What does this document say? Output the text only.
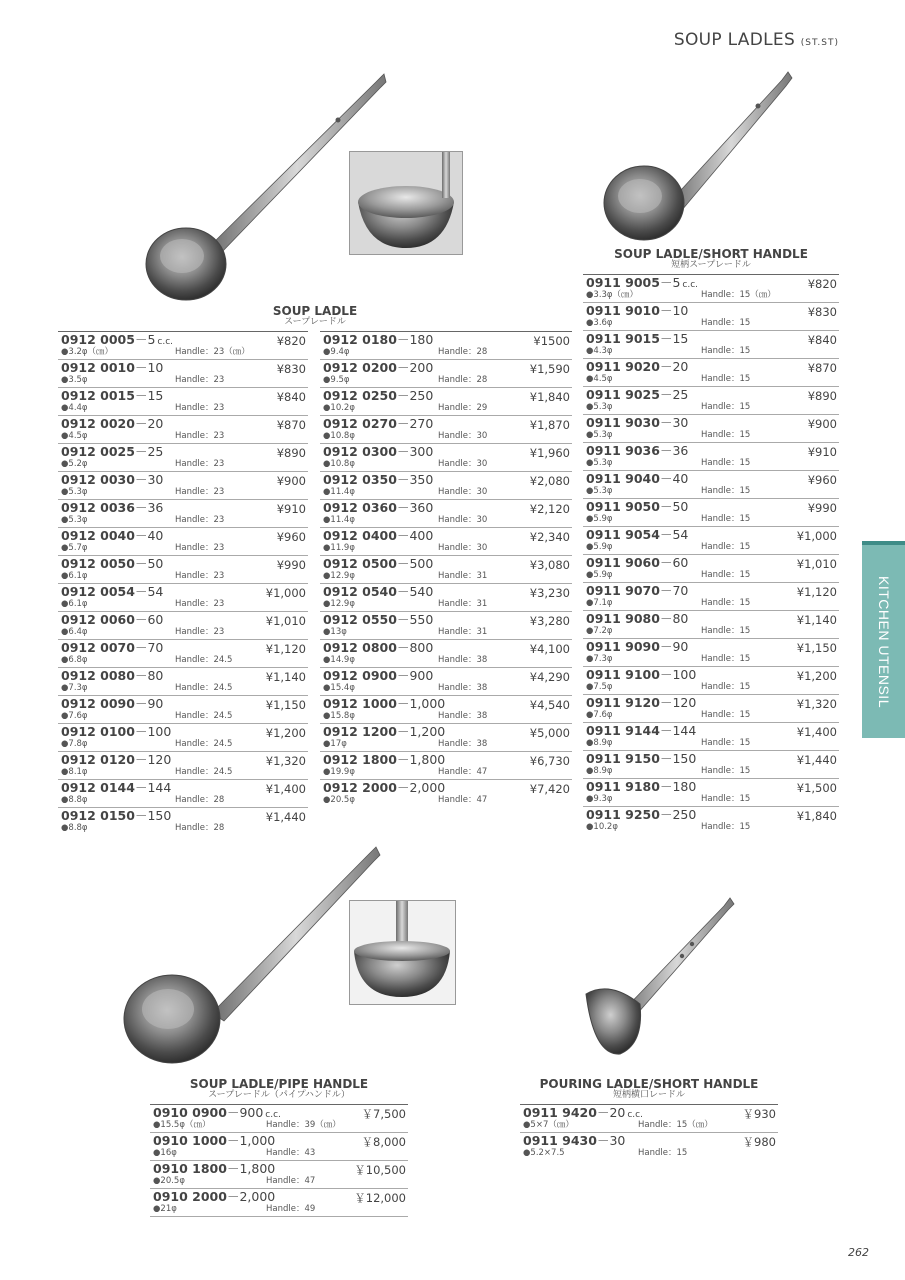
SOUP LADLES (ST.ST)
SOUP LADLE
スープレードル
0912 0005－5 c.c.	¥820
●3.2φ（㎝）	Handle：23（㎝）
0912 0010－10	¥830
●3.5φ	Handle：23
0912 0015－15	¥840
●4.4φ	Handle：23
0912 0020－20	¥870
●4.5φ	Handle：23
0912 0025－25	¥890
●5.2φ	Handle：23
0912 0030－30	¥900
●5.3φ	Handle：23
0912 0036－36	¥910
●5.3φ	Handle：23
0912 0040－40	¥960
●5.7φ	Handle：23
0912 0050－50	¥990
●6.1φ	Handle：23
0912 0054－54	¥1,000
●6.1φ	Handle：23
0912 0060－60	¥1,010
●6.4φ	Handle：23
0912 0070－70	¥1,120
●6.8φ	Handle：24.5
0912 0080－80	¥1,140
●7.3φ	Handle：24.5
0912 0090－90	¥1,150
●7.6φ	Handle：24.5
0912 0100－100	¥1,200
●7.8φ	Handle：24.5
0912 0120－120	¥1,320
●8.1φ	Handle：24.5
0912 0144－144	¥1,400
●8.8φ	Handle：28
0912 0150－150	¥1,440
●8.8φ	Handle：28
0912 0180－180	¥1500
●9.4φ	Handle：28
0912 0200－200	¥1,590
●9.5φ	Handle：28
0912 0250－250	¥1,840
●10.2φ	Handle：29
0912 0270－270	¥1,870
●10.8φ	Handle：30
0912 0300－300	¥1,960
●10.8φ	Handle：30
0912 0350－350	¥2,080
●11.4φ	Handle：30
0912 0360－360	¥2,120
●11.4φ	Handle：30
0912 0400－400	¥2,340
●11.9φ	Handle：30
0912 0500－500	¥3,080
●12.9φ	Handle：31
0912 0540－540	¥3,230
●12.9φ	Handle：31
0912 0550－550	¥3,280
●13φ	Handle：31
0912 0800－800	¥4,100
●14.9φ	Handle：38
0912 0900－900	¥4,290
●15.4φ	Handle：38
0912 1000－1,000	¥4,540
●15.8φ	Handle：38
0912 1200－1,200	¥5,000
●17φ	Handle：38
0912 1800－1,800	¥6,730
●19.9φ	Handle：47
0912 2000－2,000	¥7,420
●20.5φ	Handle：47
SOUP LADLE/SHORT HANDLE
短柄スープレードル
0911 9005－5 c.c.	¥820
●3.3φ（㎝）	Handle：15（㎝）
0911 9010－10	¥830
●3.6φ	Handle：15
0911 9015－15	¥840
●4.3φ	Handle：15
0911 9020－20	¥870
●4.5φ	Handle：15
0911 9025－25	¥890
●5.3φ	Handle：15
0911 9030－30	¥900
●5.3φ	Handle：15
0911 9036－36	¥910
●5.3φ	Handle：15
0911 9040－40	¥960
●5.3φ	Handle：15
0911 9050－50	¥990
●5.9φ	Handle：15
0911 9054－54	¥1,000
●5.9φ	Handle：15
0911 9060－60	¥1,010
●5.9φ	Handle：15
0911 9070－70	¥1,120
●7.1φ	Handle：15
0911 9080－80	¥1,140
●7.2φ	Handle：15
0911 9090－90	¥1,150
●7.3φ	Handle：15
0911 9100－100	¥1,200
●7.5φ	Handle：15
0911 9120－120	¥1,320
●7.6φ	Handle：15
0911 9144－144	¥1,400
●8.9φ	Handle：15
0911 9150－150	¥1,440
●8.9φ	Handle：15
0911 9180－180	¥1,500
●9.3φ	Handle：15
0911 9250－250	¥1,840
●10.2φ	Handle：15
SOUP LADLE/PIPE HANDLE
スープレードル（パイプハンドル）
0910 0900－900 c.c.	￥7,500
●15.5φ（㎝）	Handle：39（㎝）
0910 1000－1,000	￥8,000
●16φ	Handle：43
0910 1800－1,800	￥10,500
●20.5φ	Handle：47
0910 2000－2,000	￥12,000
●21φ	Handle：49
POURING LADLE/SHORT HANDLE
短柄横口レードル
0911 9420－20 c.c.	￥930
●5×7（㎝）	Handle：15（㎝）
0911 9430－30	￥980
●5.2×7.5	Handle：15
KITCHEN UTENSIL
262
